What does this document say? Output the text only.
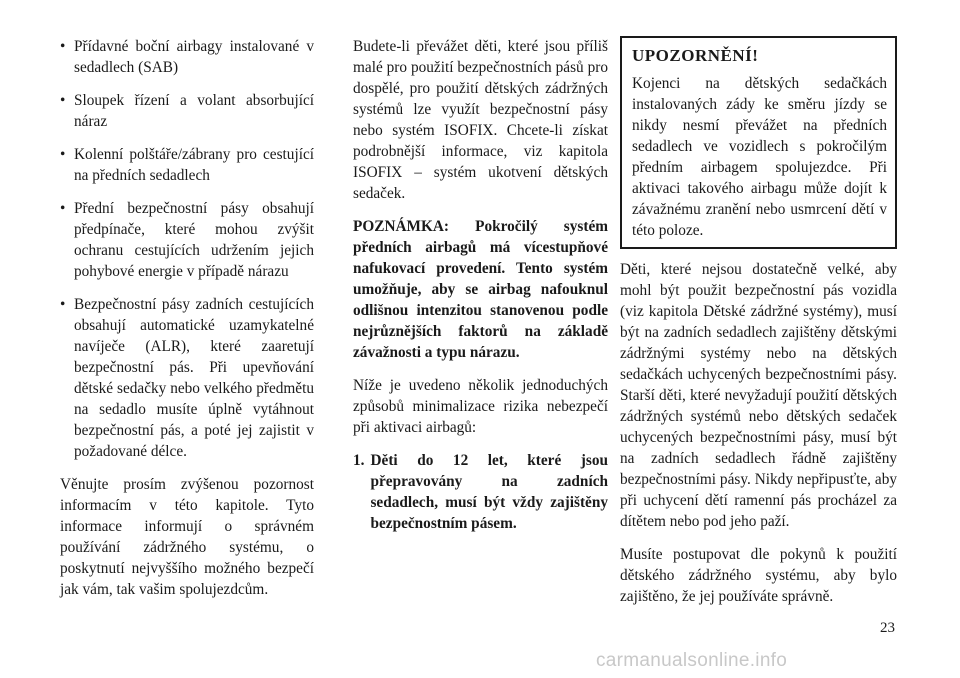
• Přídavné boční airbagy instalované v sedadlech (SAB)
• Sloupek řízení a volant absorbující náraz
• Kolenní polštáře/zábrany pro cestující na předních sedadlech
• Přední bezpečnostní pásy obsahují předpínače, které mohou zvýšit ochranu cestujících udržením jejich pohybové energie v případě nárazu
• Bezpečnostní pásy zadních cestujících obsahují automatické uzamykatelné navíječe (ALR), které zaaretují bezpečnostní pás. Při upevňování dětské sedačky nebo velkého předmětu na sedadlo musíte úplně vytáhnout bezpečnostní pás, a poté jej zajistit v požadované délce.

Věnujte prosím zvýšenou pozornost informacím v této kapitole. Tyto informace informují o správném používání zádržného systému, o poskytnutí nejvyššího možného bezpečí jak vám, tak vašim spolujezdcům.

Budete-li převážet děti, které jsou příliš malé pro použití bezpečnostních pásů pro dospělé, pro použití dětských zádržných systémů lze využít bezpečnostní pásy nebo systém ISOFIX. Chcete-li získat podrobnější informace, viz kapitola ISOFIX – systém ukotvení dětských sedaček.

POZNÁMKA: Pokročilý systém předních airbagů má vícestupňové nafukovací provedení. Tento systém umožňuje, aby se airbag nafouknul odlišnou intenzitou stanovenou podle nejrůznějších faktorů na základě závažnosti a typu nárazu.

Níže je uvedeno několik jednoduchých způsobů minimalizace rizika nebezpečí při aktivaci airbagů:

1. Děti do 12 let, které jsou přepravovány na zadních sedadlech, musí být vždy zajištěny bezpečnostním pásem.
UPOZORNĚNÍ!

Kojenci na dětských sedačkách instalovaných zády ke směru jízdy se nikdy nesmí převážet na předních sedadlech ve vozidlech s pokročilým předním airbagem spolujezdce. Při aktivaci takového airbagu může dojít k závažnému zranění nebo usmrcení dětí v této poloze.

Děti, které nejsou dostatečně velké, aby mohl být použit bezpečnostní pás vozidla (viz kapitola Dětské zádržné systémy), musí být na zadních sedadlech zajištěny dětskými zádržnými systémy nebo na dětských sedačkách uchycených bezpečnostními pásy. Starší děti, které nevyžadují použití dětských zádržných systémů nebo dětských sedaček uchycených bezpečnostními pásy, musí být na zadních sedadlech řádně zajištěny bezpečnostními pásy. Nikdy nepřipusťte, aby při uchycení dětí ramenní pás procházel za dítětem nebo pod jeho paží.

Musíte postupovat dle pokynů k použití dětského zádržného systému, aby bylo zajištěno, že jej používáte správně.

23
carmanualsonline.info
